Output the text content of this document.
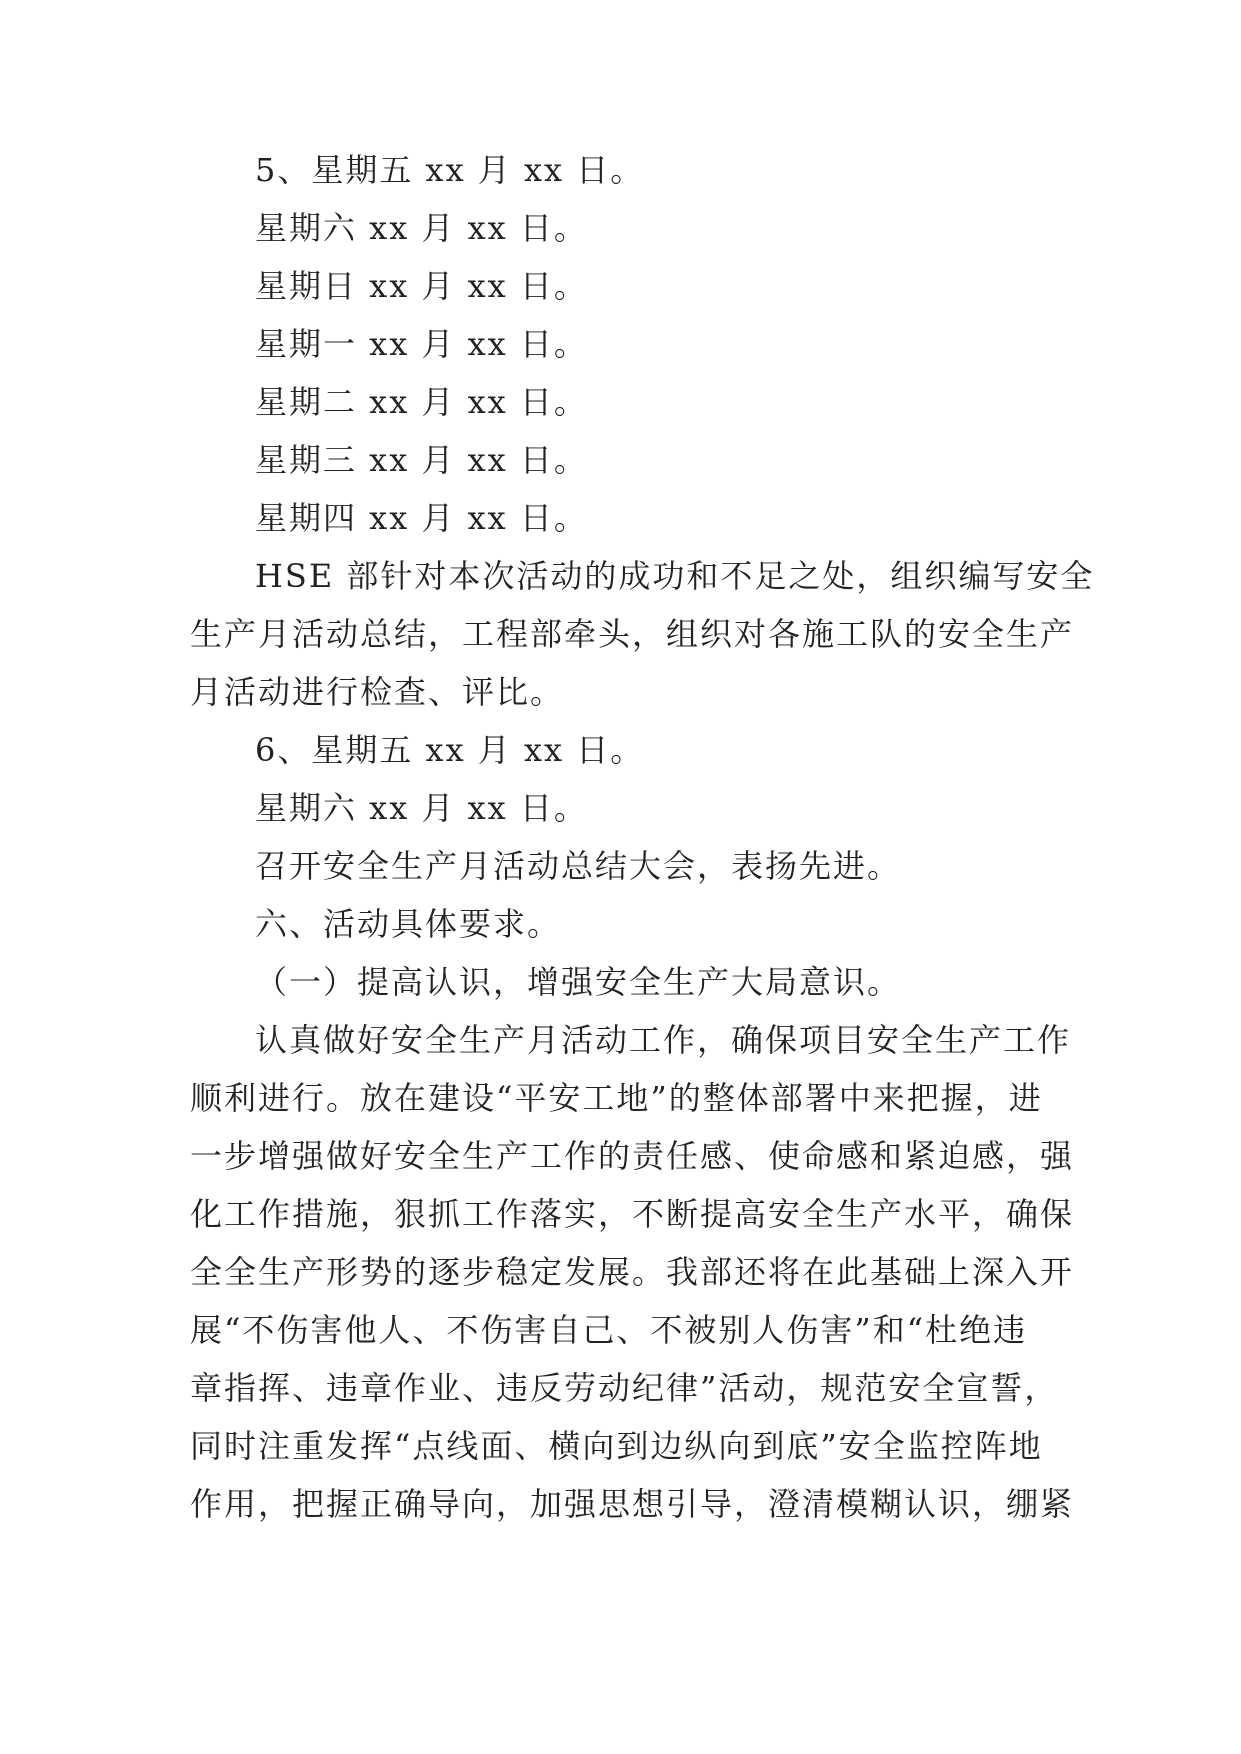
5、星期五 xx 月 xx 日。
星期六 xx 月 xx 日。
星期日 xx 月 xx 日。
星期一 xx 月 xx 日。
星期二 xx 月 xx 日。
星期三 xx 月 xx 日。
星期四 xx 月 xx 日。
HSE 部针对本次活动的成功和不足之处，组织编写安全
生产月活动总结，工程部牵头，组织对各施工队的安全生产
月活动进行检查、评比。
6、星期五 xx 月 xx 日。
星期六 xx 月 xx 日。
召开安全生产月活动总结大会，表扬先进。
六、活动具体要求。
（一）提高认识，增强安全生产大局意识。
认真做好安全生产月活动工作，确保项目安全生产工作
顺利进行。放在建设“平安工地”的整体部署中来把握，进
一步增强做好安全生产工作的责任感、使命感和紧迫感，强
化工作措施，狠抓工作落实，不断提高安全生产水平，确保
全全生产形势的逐步稳定发展。我部还将在此基础上深入开
展“不伤害他人、不伤害自己、不被别人伤害”和“杜绝违
章指挥、违章作业、违反劳动纪律”活动，规范安全宣誓，
同时注重发挥“点线面、横向到边纵向到底”安全监控阵地
作用，把握正确导向，加强思想引导，澄清模糊认识，绷紧
